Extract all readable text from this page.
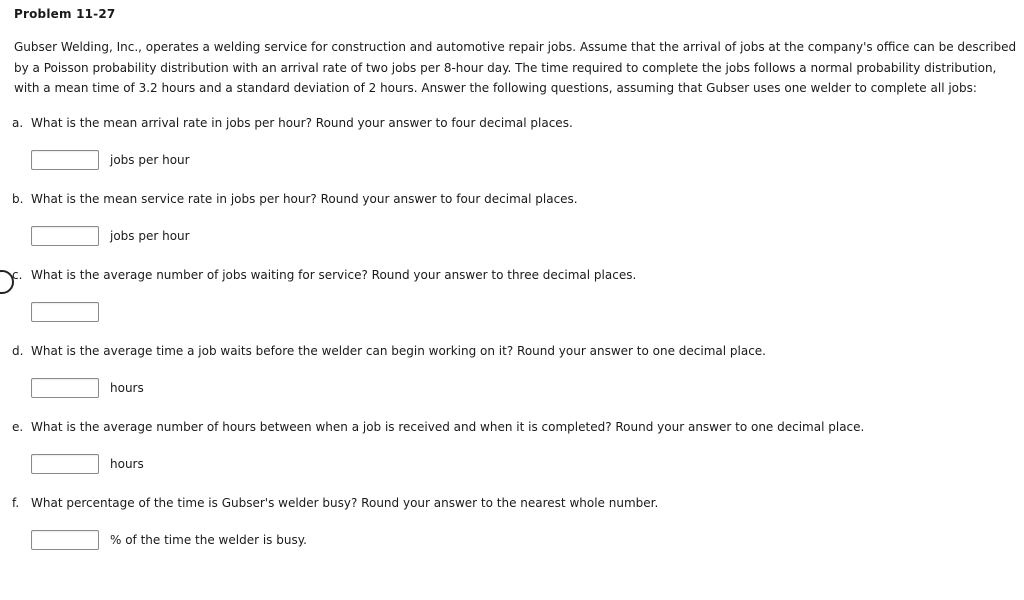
Problem 11-27
Gubser Welding, Inc., operates a welding service for construction and automotive repair jobs. Assume that the arrival of jobs at the company's office can be described by a Poisson probability distribution with an arrival rate of two jobs per 8-hour day. The time required to complete the jobs follows a normal probability distribution, with a mean time of 3.2 hours and a standard deviation of 2 hours. Answer the following questions, assuming that Gubser uses one welder to complete all jobs:
a. What is the mean arrival rate in jobs per hour? Round your answer to four decimal places.
jobs per hour
b. What is the mean service rate in jobs per hour? Round your answer to four decimal places.
jobs per hour
c. What is the average number of jobs waiting for service? Round your answer to three decimal places.
d. What is the average time a job waits before the welder can begin working on it? Round your answer to one decimal place.
hours
e. What is the average number of hours between when a job is received and when it is completed? Round your answer to one decimal place.
hours
f. What percentage of the time is Gubser's welder busy? Round your answer to the nearest whole number.
% of the time the welder is busy.
